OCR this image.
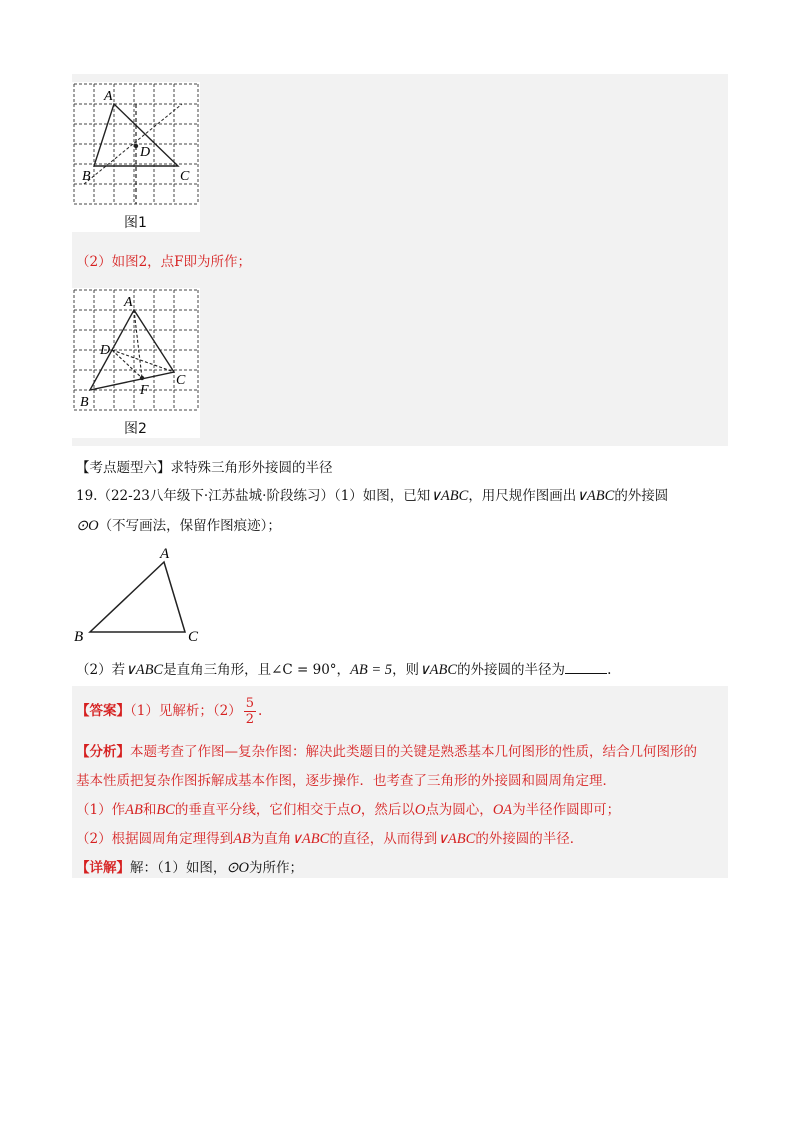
A
D
B	C
图1
（2）如图2，点F即为所作；
A
D
C
F
B
图2
【考点题型六】求特殊三角形外接圆的半径
19.（22-23八年级下·江苏盐城·阶段练习）（1）如图，已知∨ABC，用尺规作图画出∨ABC的外接圆
⊙O（不写画法，保留作图痕迹）；
A
B	C
（2）若∨ABC是直角三角形，且∠C = 90°，AB = 5，则∨ABC的外接圆的半径为	.
【答案】（1）见解析；$(2) \frac{5}{2}$ .
【分析】本题考查了作图—复杂作图：解决此类题目的关键是熟悉基本几何图形的性质，结合几何图形的
基本性质把复杂作图拆解成基本作图，逐步操作．也考查了三角形的外接圆和圆周角定理．
（1）作AB和BC的垂直平分线，它们相交于点O，然后以O点为圆心，OA为半径作圆即可；
（2）根据圆周角定理得到AB为直角∨ABC的直径，从而得到∨ABC的外接圆的半径．
【详解】解：（1）如图，⊙O为所作；
